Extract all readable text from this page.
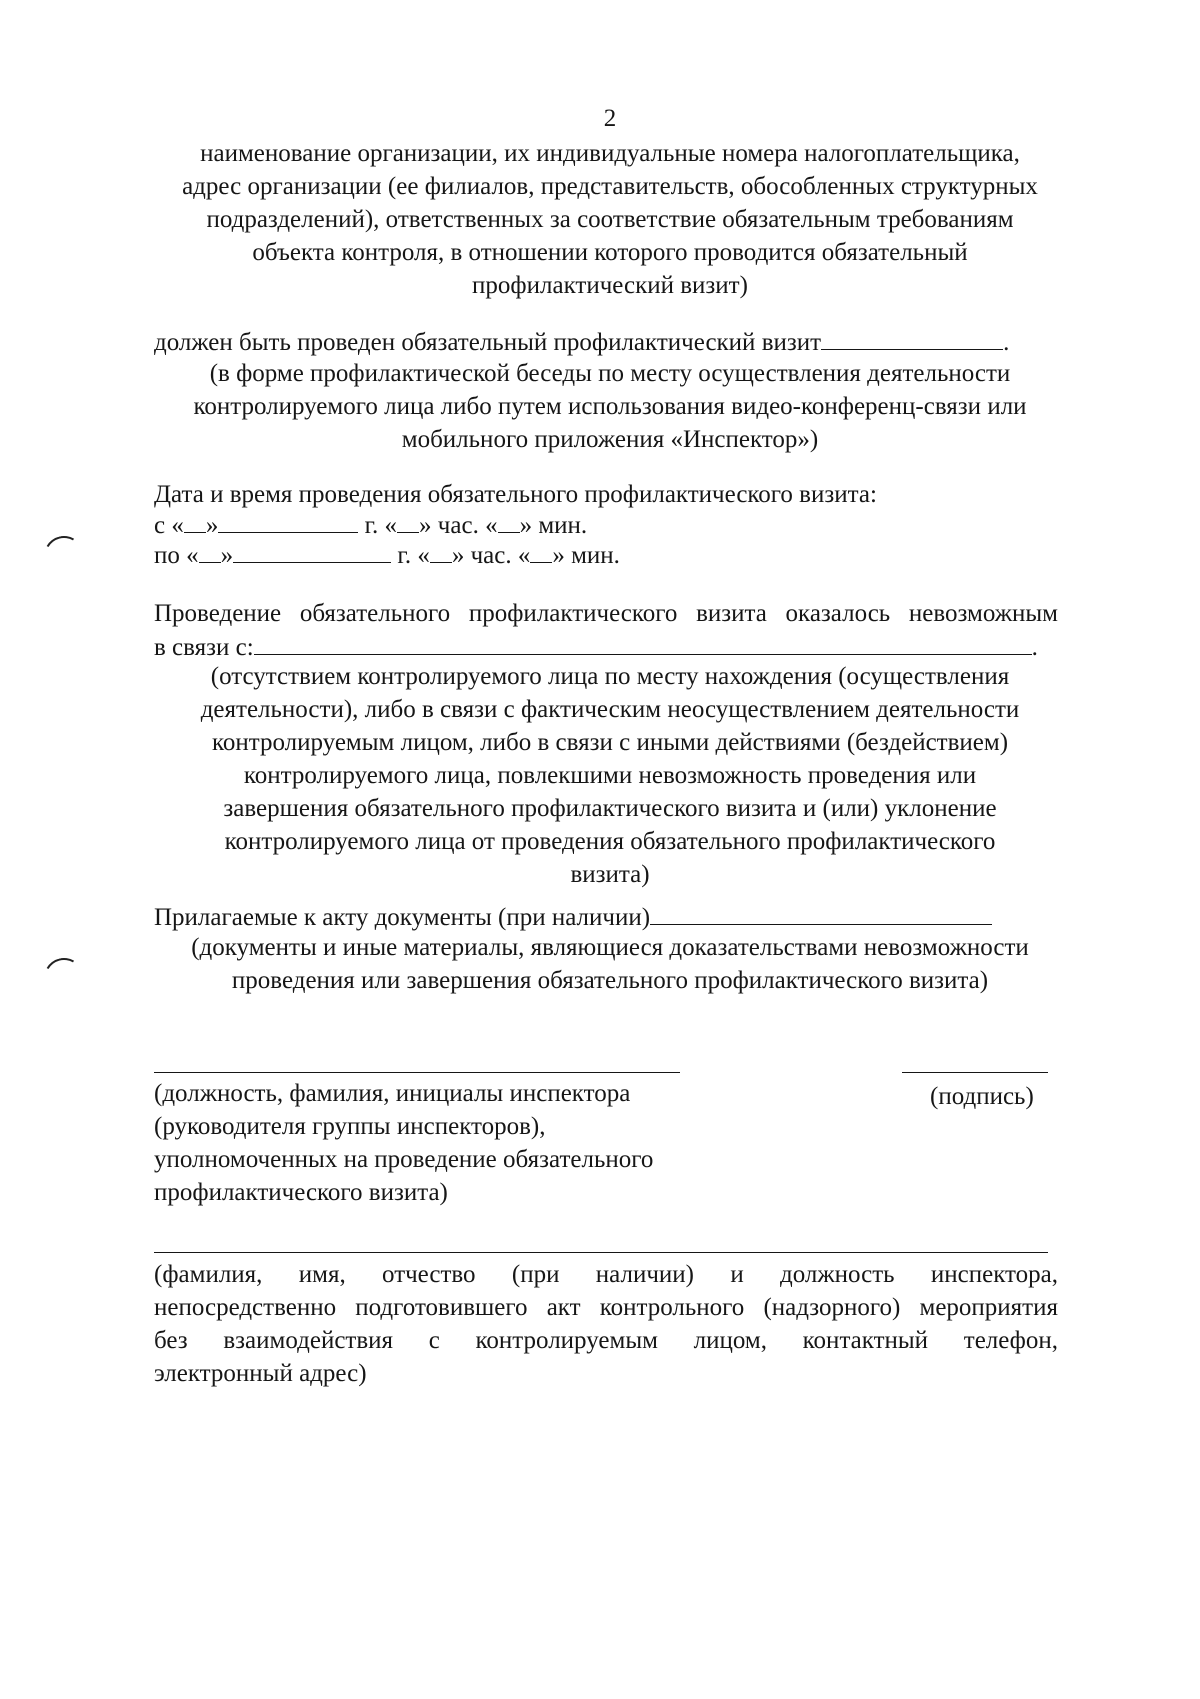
2
наименование организации, их индивидуальные номера налогоплательщика,
адрес организации (ее филиалов, представительств, обособленных структурных
подразделений), ответственных за соответствие обязательным требованиям
объекта контроля, в отношении которого проводится обязательный
профилактический визит)
должен быть проведен обязательный профилактический визит	.
(в форме профилактической беседы по месту осуществления деятельности
контролируемого лица либо путем использования видео-конференц-связи или
мобильного приложения «Инспектор»)
Дата и время проведения обязательного профилактического визита:
с « »	г. « » час. « » мин.
по « »	г. « » час. « » мин.
Проведение обязательного профилактического визита оказалось невозможным
в связи с:	.
(отсутствием контролируемого лица по месту нахождения (осуществления
деятельности), либо в связи с фактическим неосуществлением деятельности
контролируемым лицом, либо в связи с иными действиями (бездействием)
контролируемого лица, повлекшими невозможность проведения или
завершения обязательного профилактического визита и (или) уклонение
контролируемого лица от проведения обязательного профилактического
визита)
Прилагаемые к акту документы (при наличии)
(документы и иные материалы, являющиеся доказательствами невозможности
проведения или завершения обязательного профилактического визита)
(должность, фамилия, инициалы инспектора
(руководителя группы инспекторов),
уполномоченных на проведение обязательного
профилактического визита)
(подпись)
(фамилия, имя, отчество (при наличии) и должность инспектора,
непосредственно подготовившего акт контрольного (надзорного) мероприятия
без взаимодействия с контролируемым лицом, контактный телефон,
электронный адрес)
